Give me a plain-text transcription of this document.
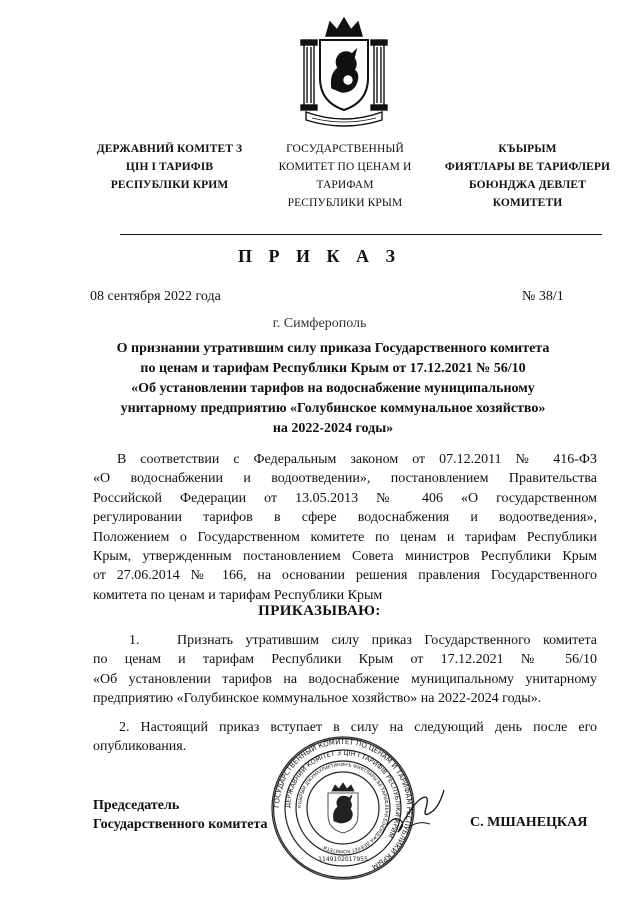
ДЕРЖАВНИЙ КОМІТЕТ З
ЦІН І ТАРИФІВ
РЕСПУБЛІКИ КРИМ
ГОСУДАРСТВЕННЫЙ
КОМИТЕТ ПО ЦЕНАМ И
ТАРИФАМ
РЕСПУБЛИКИ КРЫМ
КЪЫРЫМ
ФИЯТЛАРЫ ВЕ ТАРИФЛЕРИ
БОЮНДЖА ДЕВЛЕТ
КОМИТЕТИ
П Р И К А З
08 сентября 2022 года	№ 38/1
г. Симферополь
О признании утратившим силу приказа Государственного комитета
по ценам и тарифам Республики Крым от 17.12.2021 № 56/10
«Об установлении тарифов на водоснабжение муниципальному
унитарному предприятию «Голубинское коммунальное хозяйство»
на 2022-2024 годы»
В соответствии с Федеральным законом от 07.12.2011 № 416-ФЗ
«О водоснабжении и водоотведении», постановлением Правительства
Российской Федерации от 13.05.2013 № 406 «О государственном
регулировании тарифов в сфере водоснабжения и водоотведения»,
Положением о Государственном комитете по ценам и тарифам Республики
Крым, утвержденным постановлением Совета министров Республики Крым
от 27.06.2014 № 166, на основании решения правления Государственного
комитета по ценам и тарифам Республики Крым
ПРИКАЗЫВАЮ:
1.	Признать утратившим силу приказ Государственного комитета
по ценам и тарифам Республики Крым от 17.12.2021 № 56/10
«Об установлении тарифов на водоснабжение муниципальному унитарному
предприятию «Голубинское коммунальное хозяйство» на 2022-2024 годы».
2. Настоящий приказ вступает в силу на следующий день после его
опубликования.
Председатель
Государственного комитета	С. МШАНЕЦКАЯ
ГОСУДАРСТВЕННЫЙ КОМИТЕТ ПО ЦЕНАМ И ТАРИФАМ РЕСПУБЛИКИ КРЫМ
ДЕРЖАВНИЙ КОМІТЕТ З ЦІН І ТАРИФІВ РЕСПУБЛІКИ КРИМ
КЪЫРЫМ ДЖУМХУРИЕТИНИНЪ ФИЯТЛАРЫ ВЕ ТАРИФЛЕРИ БОЮНДЖА ДЕВЛЕТ КОМИТЕТИ
1149102017955
